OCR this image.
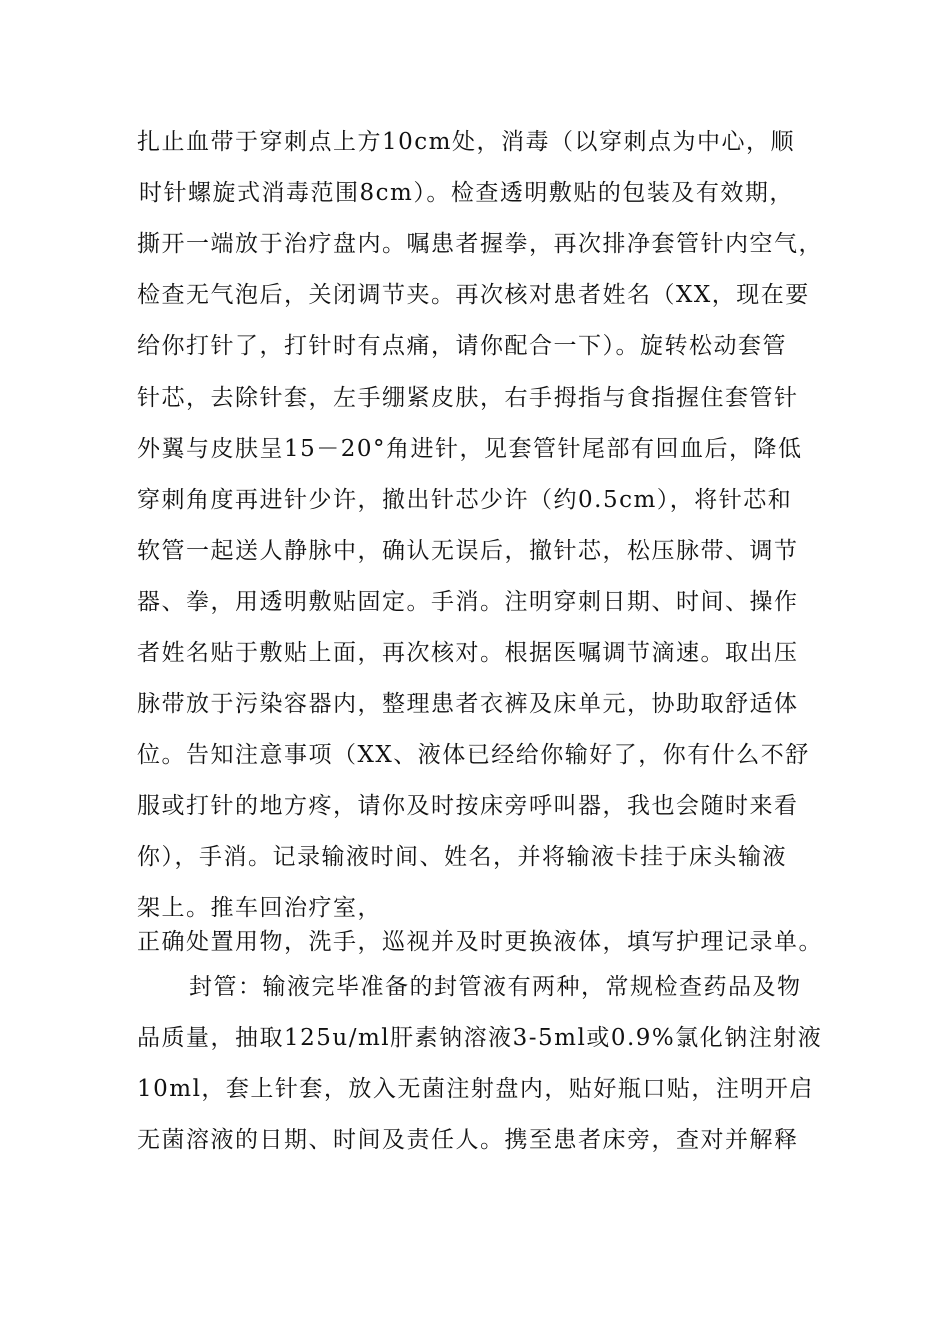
扎止血带于穿刺点上方10cm处，消毒（以穿刺点为中心，顺
时针螺旋式消毒范围8cm）。检查透明敷贴的包装及有效期，
撕开一端放于治疗盘内。嘱患者握拳，再次排净套管针内空气，
检查无气泡后，关闭调节夹。再次核对患者姓名（XX，现在要
给你打针了，打针时有点痛，请你配合一下）。旋转松动套管
针芯，去除针套，左手绷紧皮肤，右手拇指与食指握住套管针
外翼与皮肤呈15－20°角进针，见套管针尾部有回血后，降低
穿刺角度再进针少许，撤出针芯少许（约0.5cm），将针芯和
软管一起送人静脉中，确认无误后，撤针芯，松压脉带、调节
器、拳，用透明敷贴固定。手消。注明穿刺日期、时间、操作
者姓名贴于敷贴上面，再次核对。根据医嘱调节滴速。取出压
脉带放于污染容器内，整理患者衣裤及床单元，协助取舒适体
位。告知注意事项（XX、液体已经给你输好了，你有什么不舒
服或打针的地方疼，请你及时按床旁呼叫器，我也会随时来看
你），手消。记录输液时间、姓名，并将输液卡挂于床头输液
架上。推车回治疗室，
正确处置用物，洗手，巡视并及时更换液体，填写护理记录单。
封管：输液完毕准备的封管液有两种，常规检查药品及物
品质量，抽取125u/ml肝素钠溶液3-5ml或0.9%氯化钠注射液
10ml，套上针套，放入无菌注射盘内，贴好瓶口贴，注明开启
无菌溶液的日期、时间及责任人。携至患者床旁，查对并解释
